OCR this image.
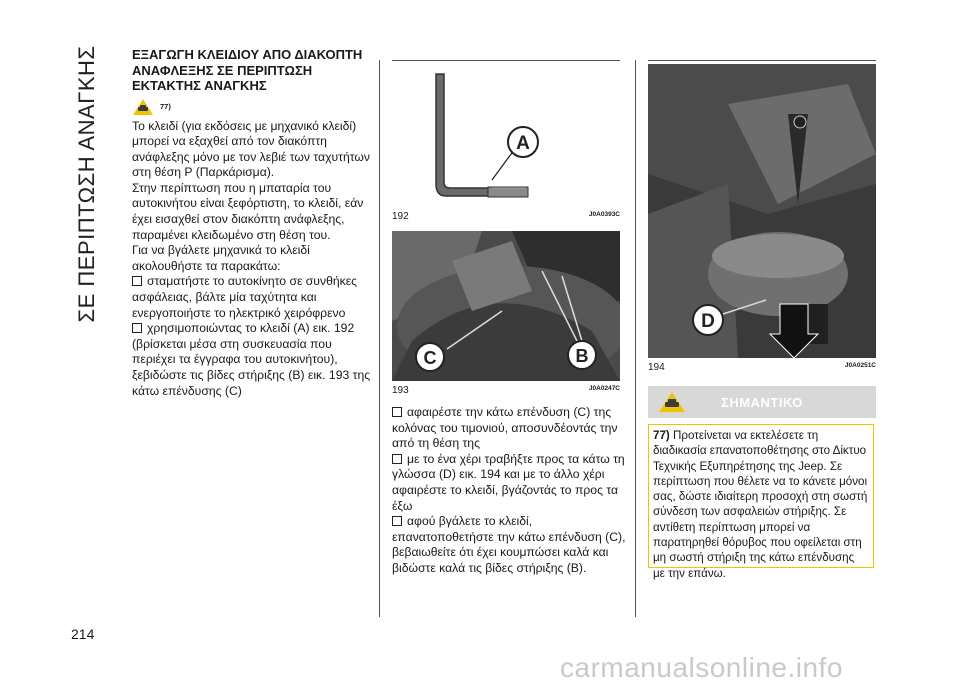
ΣΕ ΠΕΡΙΠΤΩΣΗ ΑΝΑΓΚΗΣ
214
carmanualsonline.info
ΕΞΑΓΩΓΗ ΚΛΕΙΔΙΟΥ ΑΠΟ ΔΙΑΚΟΠΤΗ ΑΝΑΦΛΕΞΗΣ ΣΕ ΠΕΡΙΠΤΩΣΗ ΕΚΤΑΚΤΗΣ ΑΝΑΓΚΗΣ
77)

Το κλειδί (για εκδόσεις με μηχανικό κλειδί) μπορεί να εξαχθεί από τον διακόπτη ανάφλεξης μόνο με τον λεβιέ των ταχυτήτων στη θέση P (Παρκάρισμα).

Στην περίπτωση που η μπαταρία του αυτοκινήτου είναι ξεφόρτιστη, το κλειδί, εάν έχει εισαχθεί στον διακόπτη ανάφλεξης, παραμένει κλειδωμένο στη θέση του.

Για να βγάλετε μηχανικά το κλειδί ακολουθήστε τα παρακάτω:

σταματήστε το αυτοκίνητο σε συνθήκες ασφάλειας, βάλτε μία ταχύτητα και ενεργοποιήστε το ηλεκτρικό χειρόφρενο

χρησιμοποιώντας το κλειδί (A) εικ. 192 (βρίσκεται μέσα στη συσκευασία που περιέχει τα έγγραφα του αυτοκινήτου), ξεβιδώστε τις βίδες στήριξης (B) εικ. 193 της κάτω επένδυσης (C)

A
192	J0A0393C
C	B
193	J0A0247C

αφαιρέστε την κάτω επένδυση (C) της κολόνας του τιμονιού, αποσυνδέοντάς την από τη θέση της

με το ένα χέρι τραβήξτε προς τα κάτω τη γλώσσα (D) εικ. 194 και με το άλλο χέρι αφαιρέστε το κλειδί, βγάζοντάς το προς τα έξω

αφού βγάλετε το κλειδί, επανατοποθετήστε την κάτω επένδυση (C), βεβαιωθείτε ότι έχει κουμπώσει καλά και βιδώστε καλά τις βίδες στήριξης (B).

D
194	J0A0251C
ΣΗΜΑΝΤΙΚΟ
77) Προτείνεται να εκτελέσετε τη διαδικασία επανατοποθέτησης στο Δίκτυο Τεχνικής Εξυπηρέτησης της Jeep. Σε περίπτωση που θέλετε να το κάνετε μόνοι σας, δώστε ιδιαίτερη προσοχή στη σωστή σύνδεση των ασφαλειών στήριξης. Σε αντίθετη περίπτωση μπορεί να παρατηρηθεί θόρυβος που οφείλεται στη μη σωστή στήριξη της κάτω επένδυσης με την επάνω.
